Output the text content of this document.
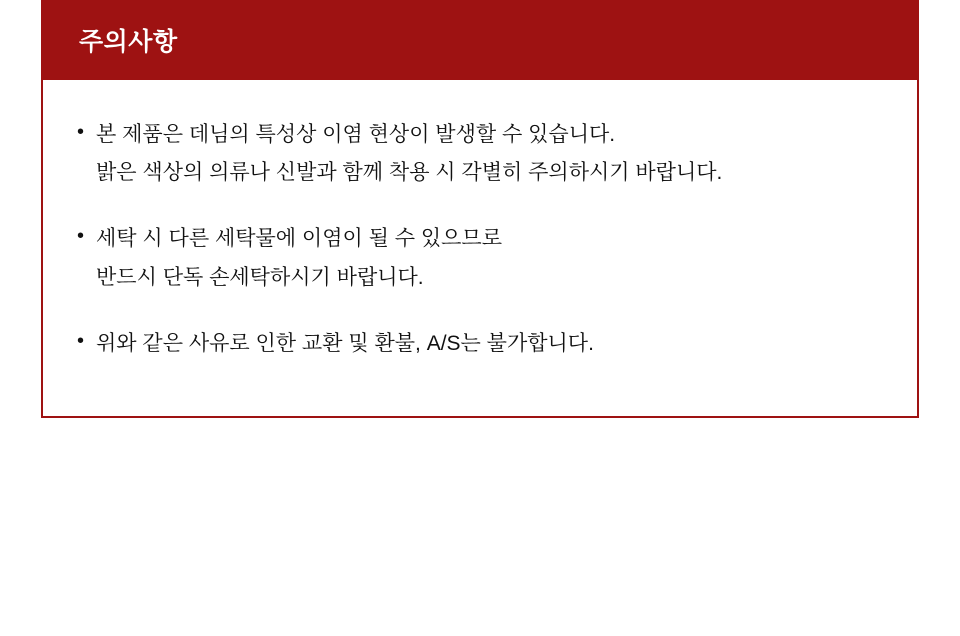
주의사항
• 본 제품은 데님의 특성상 이염 현상이 발생할 수 있습니다.
밝은 색상의 의류나 신발과 함께 착용 시 각별히 주의하시기 바랍니다.
• 세탁 시 다른 세탁물에 이염이 될 수 있으므로
반드시 단독 손세탁하시기 바랍니다.
• 위와 같은 사유로 인한 교환 및 환불, A/S는 불가합니다.
